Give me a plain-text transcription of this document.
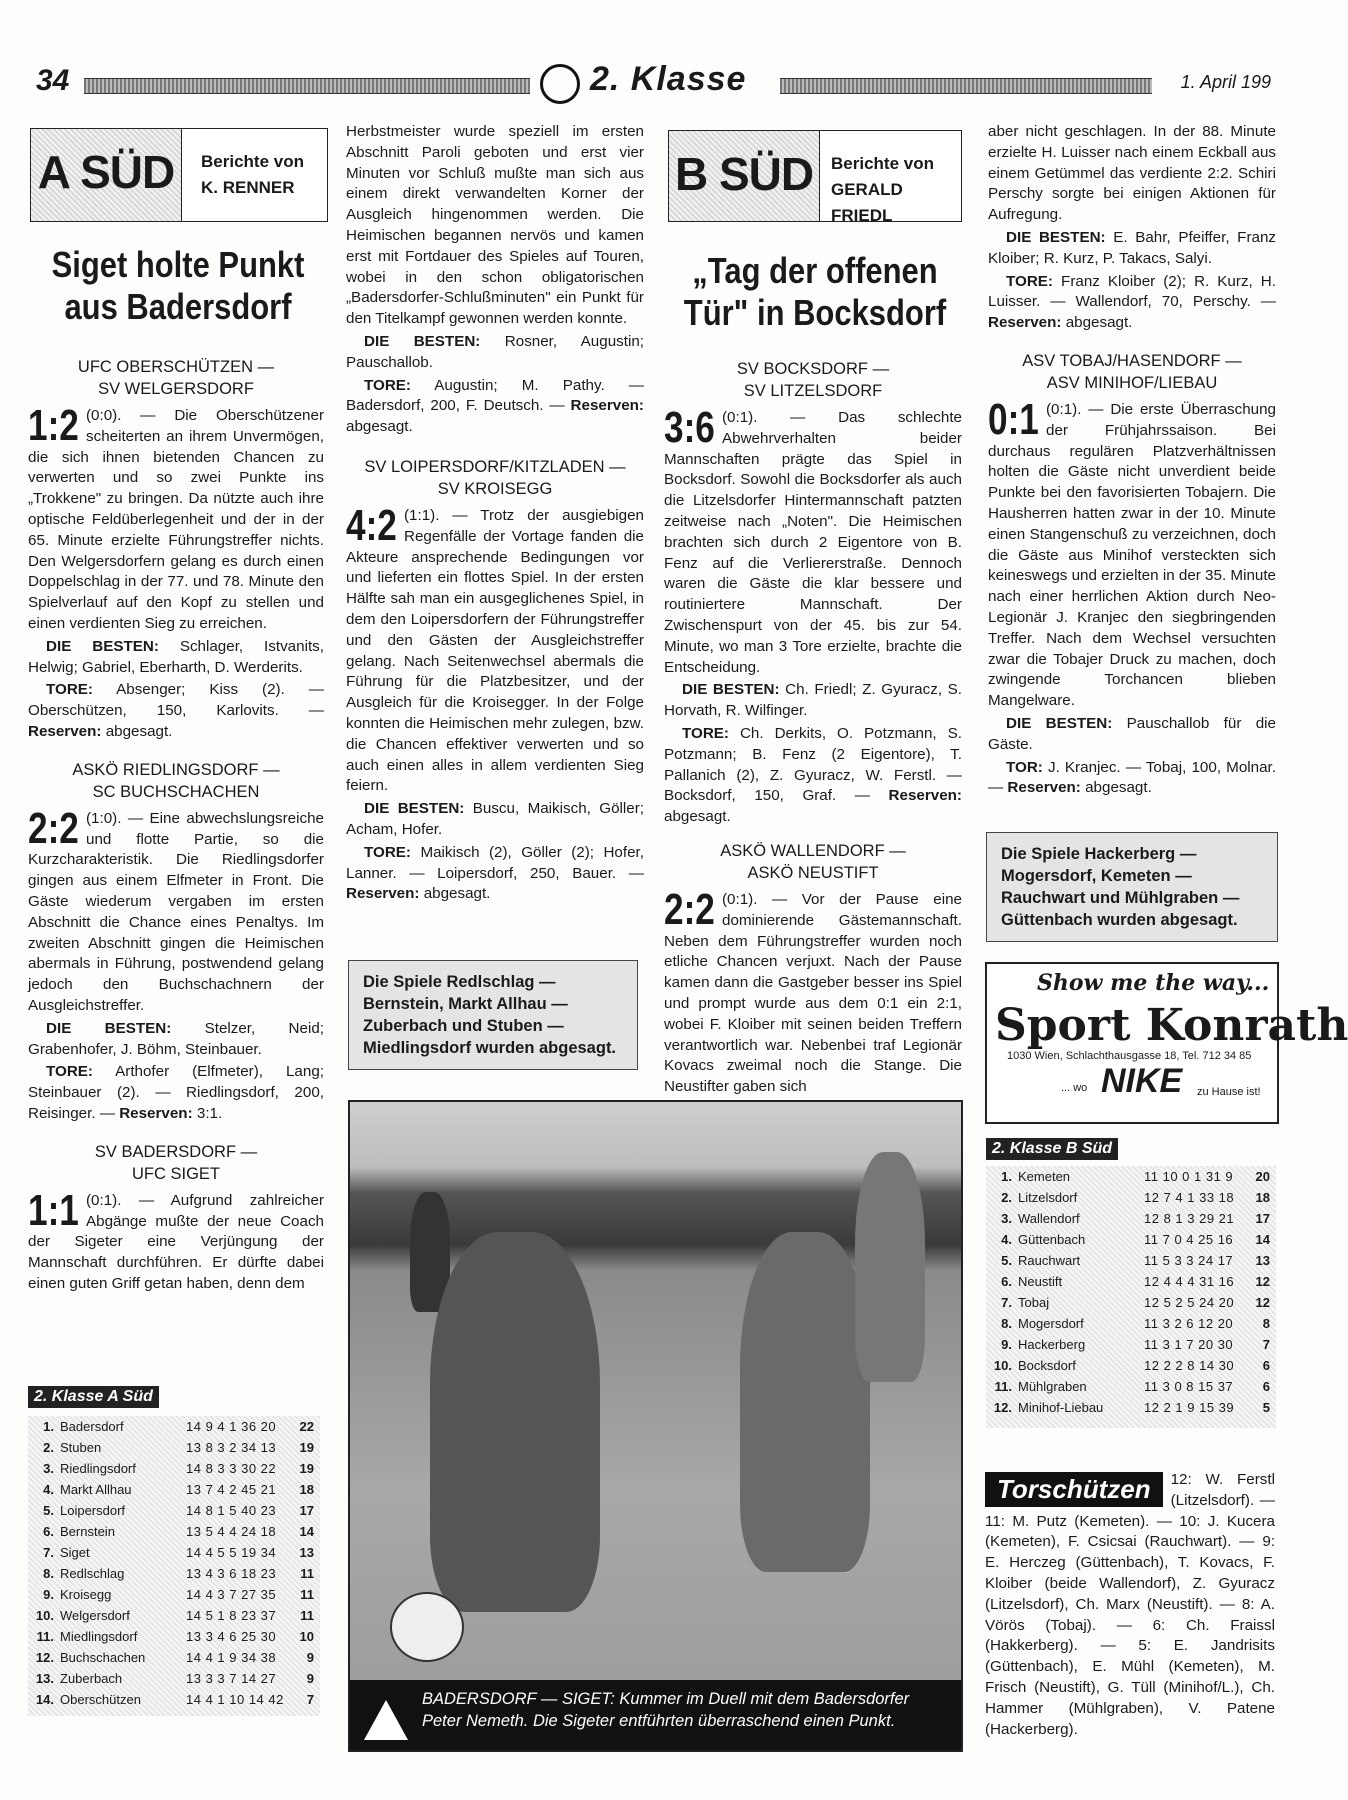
34	2. Klasse	1. April 199
A SÜD	Berichte von
K. RENNER
Siget holte Punkt
aus Badersdorf
UFC OBERSCHÜTZEN —
SV WELGERSDORF

1:2 (0:0). — Die Oberschützener scheiterten an ihrem Unvermögen, die sich ihnen bietenden Chancen zu verwerten und so zwei Punkte ins „Trokkene" zu bringen. Da nützte auch ihre optische Feldüberlegenheit und der in der 65. Minute erzielte Führungstreffer nichts. Den Welgersdorfern gelang es durch einen Doppelschlag in der 77. und 78. Minute den Spielverlauf auf den Kopf zu stellen und einen verdienten Sieg zu erreichen.

DIE BESTEN: Schlager, Istvanits, Helwig; Gabriel, Eberharth, D. Werderits.

TORE: Absenger; Kiss (2). — Oberschützen, 150, Karlovits. — Reserven: abgesagt.

ASKÖ RIEDLINGSDORF —
SC BUCHSCHACHEN

2:2 (1:0). — Eine abwechslungsreiche und flotte Partie, so die Kurzcharakteristik. Die Riedlingsdorfer gingen aus einem Elfmeter in Front. Die Gäste wiederum vergaben im ersten Abschnitt die Chance eines Penaltys. Im zweiten Abschnitt gingen die Heimischen abermals in Führung, postwendend gelang jedoch den Buchschachnern der Ausgleichstreffer.

DIE BESTEN: Stelzer, Neid; Grabenhofer, J. Böhm, Steinbauer.

TORE: Arthofer (Elfmeter), Lang; Steinbauer (2). — Riedlingsdorf, 200, Reisinger. — Reserven: 3:1.

SV BADERSDORF —
UFC SIGET

1:1 (0:1). — Aufgrund zahlreicher Abgänge mußte der neue Coach der Sigeter eine Verjüngung der Mannschaft durchführen. Er dürfte dabei einen guten Griff getan haben, denn dem

2. Klasse A Süd
1. Badersdorf	14 9 4 1 36 20 22
2. Stuben	13 8 3 2 34 13 19
3. Riedlingsdorf	14 8 3 3 30 22 19
4. Markt Allhau	13 7 4 2 45 21 18
5. Loipersdorf	14 8 1 5 40 23 17
6. Bernstein	13 5 4 4 24 18 14
7. Siget	14 4 5 5 19 34 13
8. Redlschlag	13 4 3 6 18 23 11
9. Kroisegg	14 4 3 7 27 35 11
10. Welgersdorf	14 5 1 8 23 37 11
11. Miedlingsdorf	13 3 4 6 25 30 10
12. Buchschachen	14 4 1 9 34 38 9
13. Zuberbach	13 3 3 7 14 27 9
14. Oberschützen	14 4 1 10 14 42 7

Herbstmeister wurde speziell im ersten Abschnitt Paroli geboten und erst vier Minuten vor Schluß mußte man sich aus einem direkt verwandelten Korner der Ausgleich hingenommen werden. Die Heimischen begannen nervös und kamen erst mit Fortdauer des Spieles auf Touren, wobei in den schon obligatorischen „Badersdorfer-Schlußminuten" ein Punkt für den Titelkampf gewonnen werden konnte.

DIE BESTEN: Rosner, Augustin; Pauschallob.

TORE: Augustin; M. Pathy. — Badersdorf, 200, F. Deutsch. — Reserven: abgesagt.

SV LOIPERSDORF/KITZLADEN —
SV KROISEGG

4:2 (1:1). — Trotz der ausgiebigen Regenfälle der Vortage fanden die Akteure ansprechende Bedingungen vor und lieferten ein flottes Spiel. In der ersten Hälfte sah man ein ausgeglichenes Spiel, in dem den Loipersdorfern der Führungstreffer und den Gästen der Ausgleichstreffer gelang. Nach Seitenwechsel abermals die Führung für die Platzbesitzer, und der Ausgleich für die Kroisegger. In der Folge konnten die Heimischen mehr zulegen, bzw. die Chancen effektiver verwerten und so auch einen alles in allem verdienten Sieg feiern.

DIE BESTEN: Buscu, Maikisch, Göller; Acham, Hofer.

TORE: Maikisch (2), Göller (2); Hofer, Lanner. — Loipersdorf, 250, Bauer. — Reserven: abgesagt.

Die Spiele Redlschlag — Bernstein, Markt Allhau — Zuberbach und Stuben — Miedlingsdorf wurden abgesagt.
B SÜD	Berichte von
GERALD FRIEDL
„Tag der offenen
Tür" in Bocksdorf
SV BOCKSDORF —
SV LITZELSDORF

3:6 (0:1). — Das schlechte Abwehrverhalten beider Mannschaften prägte das Spiel in Bocksdorf. Sowohl die Bocksdorfer als auch die Litzelsdorfer Hintermannschaft patzten zeitweise nach „Noten". Die Heimischen brachten sich durch 2 Eigentore von B. Fenz auf die Verliererstraße. Dennoch waren die Gäste die klar bessere und routiniertere Mannschaft. Der Zwischenspurt von der 45. bis zur 54. Minute, wo man 3 Tore erzielte, brachte die Entscheidung.

DIE BESTEN: Ch. Friedl; Z. Gyuracz, S. Horvath, R. Wilfinger.

TORE: Ch. Derkits, O. Potzmann, S. Potzmann; B. Fenz (2 Eigentore), T. Pallanich (2), Z. Gyuracz, W. Ferstl. — Bocksdorf, 150, Graf. — Reserven: abgesagt.

ASKÖ WALLENDORF —
ASKÖ NEUSTIFT

2:2 (0:1). — Vor der Pause eine dominierende Gästemannschaft. Neben dem Führungstreffer wurden noch etliche Chancen verjuxt. Nach der Pause kamen dann die Gastgeber besser ins Spiel und prompt wurde aus dem 0:1 ein 2:1, wobei F. Kloiber mit seinen beiden Treffern verantwortlich war. Nebenbei traf Legionär Kovacs zweimal noch die Stange. Die Neustifter gaben sich

aber nicht geschlagen. In der 88. Minute erzielte H. Luisser nach einem Eckball aus einem Getümmel das verdiente 2:2. Schiri Perschy sorgte bei einigen Aktionen für Aufregung.

DIE BESTEN: E. Bahr, Pfeiffer, Franz Kloiber; R. Kurz, P. Takacs, Salyi.

TORE: Franz Kloiber (2); R. Kurz, H. Luisser. — Wallendorf, 70, Perschy. — Reserven: abgesagt.

ASV TOBAJ/HASENDORF —
ASV MINIHOF/LIEBAU

0:1 (0:1). — Die erste Überraschung der Frühjahrssaison. Bei durchaus regulären Platzverhältnissen holten die Gäste nicht unverdient beide Punkte bei den favorisierten Tobajern. Die Hausherren hatten zwar in der 10. Minute einen Stangenschuß zu verzeichnen, doch die Gäste aus Minihof versteckten sich keineswegs und erzielten in der 35. Minute nach einer herrlichen Aktion durch Neo-Legionär J. Kranjec den siegbringenden Treffer. Nach dem Wechsel versuchten zwar die Tobajer Druck zu machen, doch zwingende Torchancen blieben Mangelware.

DIE BESTEN: Pauschallob für die Gäste.

TOR: J. Kranjec. — Tobaj, 100, Molnar. — Reserven: abgesagt.

Die Spiele Hackerberg — Mogersdorf, Kemeten — Rauchwart und Mühlgraben — Güttenbach wurden abgesagt.
Show me the way...
Sport Konrath
1030 Wien, Schlachthausgasse 18, Tel. 712 34 85
... wo NIKE zu Hause ist!
2. Klasse B Süd
1. Kemeten	11 10 0 1 31 9 20
2. Litzelsdorf	12 7 4 1 33 18 18
3. Wallendorf	12 8 1 3 29 21 17
4. Güttenbach	11 7 0 4 25 16 14
5. Rauchwart	11 5 3 3 24 17 13
6. Neustift	12 4 4 4 31 16 12
7. Tobaj	12 5 2 5 24 20 12
8. Mogersdorf	11 3 2 6 12 20 8
9. Hackerberg	11 3 1 7 20 30 7
10. Bocksdorf	12 2 2 8 14 30 6
11. Mühlgraben	11 3 0 8 15 37 6
12. Minihof-Liebau	12 2 1 9 15 39 5
Torschützen	12: W. Ferstl (Litzelsdorf). — 11: M. Putz (Kemeten). — 10: J. Kucera (Kemeten), F. Csicsai (Rauchwart). — 9: E. Herczeg (Güttenbach), T. Kovacs, F. Kloiber (beide Wallendorf), Z. Gyuracz (Litzelsdorf), Ch. Marx (Neustift). — 8: A. Vörös (Tobaj). — 6: Ch. Fraissl (Hakkerberg). — 5: E. Jandrisits (Güttenbach), E. Mühl (Kemeten), M. Frisch (Neustift), G. Tüll (Minihof/L.), Ch. Hammer (Mühlgraben), V. Patene (Hackerberg).
BADERSDORF — SIGET: Kummer im Duell mit dem Badersdorfer Peter Nemeth. Die Sigeter entführten überraschend einen Punkt.
